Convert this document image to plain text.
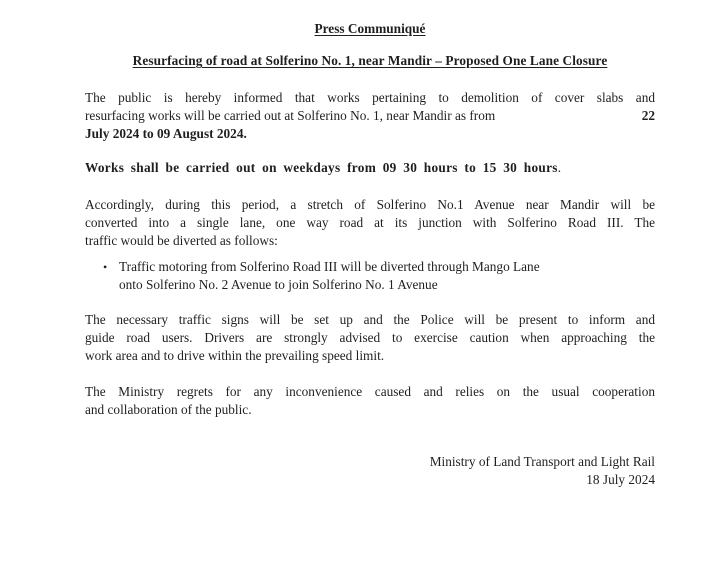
Press Communiqué
Resurfacing of road at Solferino No. 1, near Mandir – Proposed One Lane Closure
The public is hereby informed that works pertaining to demolition of cover slabs and
resurfacing works will be carried out at Solferino No. 1, near Mandir as from	22
July 2024 to 09 August 2024.
Works shall be carried out on weekdays from 09 30 hours to 15 30 hours.
Accordingly, during this period, a stretch of Solferino No.1 Avenue near Mandir will be
converted into a single lane, one way road at its junction with Solferino Road III. The
traffic would be diverted as follows:
• Traffic motoring from Solferino Road III will be diverted through Mango Lane
onto Solferino No. 2 Avenue to join Solferino No. 1 Avenue
The necessary traffic signs will be set up and the Police will be present to inform and
guide road users. Drivers are strongly advised to exercise caution when approaching the
work area and to drive within the prevailing speed limit.
The Ministry regrets for any inconvenience caused and relies on the usual cooperation
and collaboration of the public.
Ministry of Land Transport and Light Rail
18 July 2024
